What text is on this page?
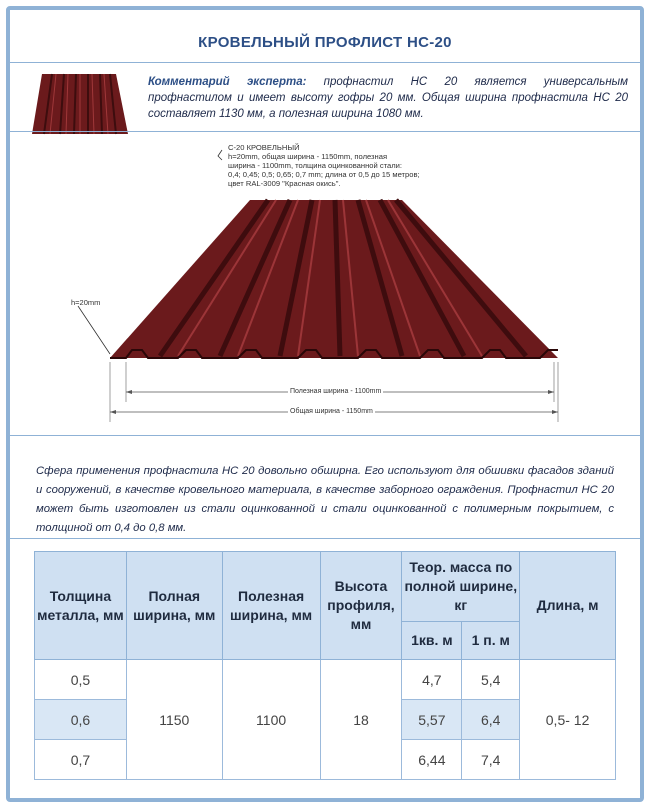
КРОВЕЛЬНЫЙ ПРОФЛИСТ НС-20
Комментарий эксперта: профнастил НС 20 является универсальным профнастилом и имеет высоту гофры 20 мм. Общая ширина профнастила НС 20 составляет 1130 мм, а полезная ширина 1080 мм.
С-20 КРОВЕЛЬНЫЙ
h=20mm, общая ширина - 1150mm, полезная
ширина - 1100mm, толщина оцинкованной стали:
0,4; 0,45; 0,5; 0,65; 0,7 mm; длина от 0,5 до 15 метров;
цвет RAL-3009 "Красная окись".
h=20mm
Полезная ширина - 1100mm
Общая ширина - 1150mm
Сфера применения профнастила НС 20 довольно обширна. Его используют для обшивки фасадов зданий и сооружений, в качестве кровельного материала, в качестве заборного ограждения. Профнастил НС 20 может быть изготовлен из стали оцинкованной и стали оцинкованной с полимерным покрытием, с толщиной от 0,4 до 0,8 мм.
Толщина металла, мм	Полная ширина, мм	Полезная ширина, мм	Высота профиля, мм	Теор. масса по полной ширине, кг		Длина, м
				1кв. м	1 п. м	
0,5	1150	1100	18	4,7	5,4	0,5- 12
0,6				5,57	6,4	
0,7				6,44	7,4	
